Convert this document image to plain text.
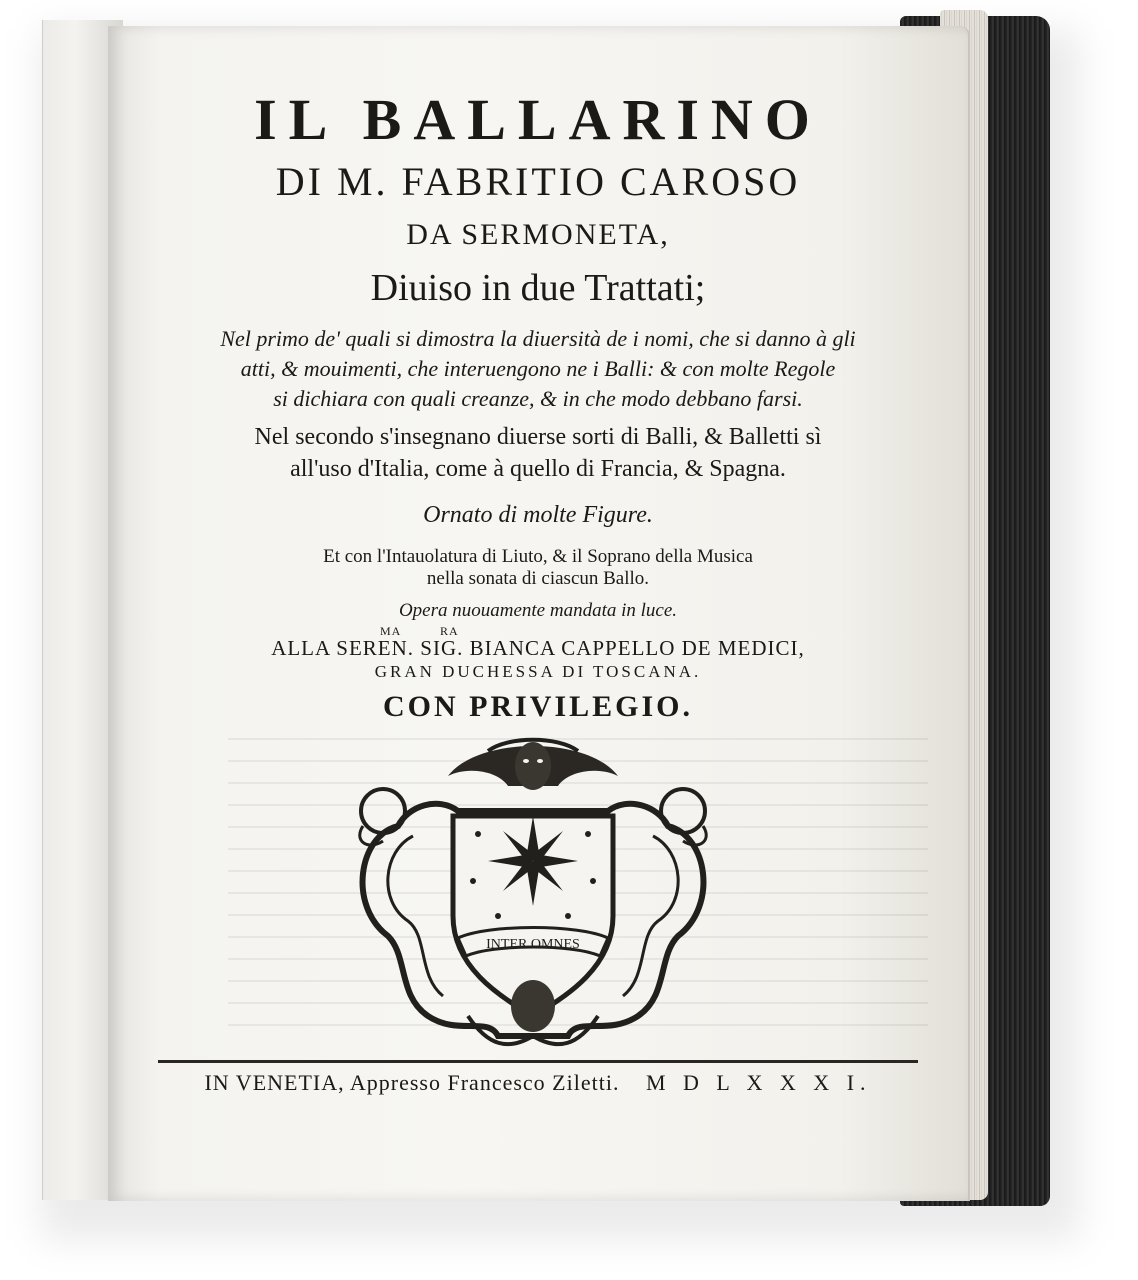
IL BALLARINO
DI M. FABRITIO CAROSO
DA SERMONETA,
Diuiso in due Trattati;
Nel primo de' quali si dimostra la diuersità de i nomi, che si danno à gli
atti, & mouimenti, che interuengono ne i Balli: & con molte Regole
si dichiara con quali creanze, & in che modo debbano farsi.
Nel secondo s'insegnano diuerse sorti di Balli, & Balletti sì
all'uso d'Italia, come à quello di Francia, & Spagna.
Ornato di molte Figure.
Et con l'Intauolatura di Liuto, & il Soprano della Musica
nella sonata di ciascun Ballo.
Opera nuouamente mandata in luce.
MA	RA
ALLA SEREN. SIG. BIANCA CAPPELLO DE MEDICI,
GRAN DUCHESSA DI TOSCANA.
CON PRIVILEGIO.
INTER OMNES
IN VENETIA, Appresso Francesco Ziletti. M D L X X X I.
